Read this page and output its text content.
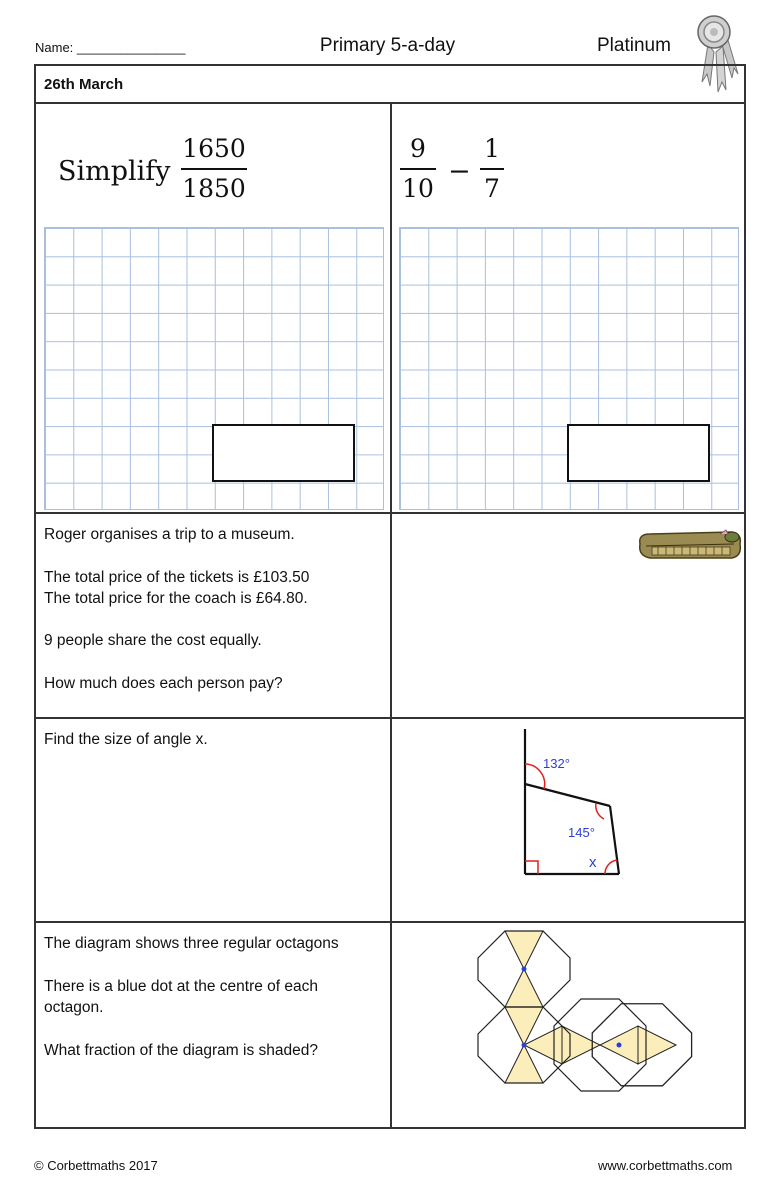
Name: _______________	Primary 5-a-day	Platinum
26th March
Simplify
1650
1850
9
10
−
1
7
Roger organises a trip to a museum.
The total price of the tickets is £103.50
The total price for the coach is £64.80.
9 people share the cost equally.
How much does each person pay?
Find the size of angle x.
132°
145°
x
The diagram shows three regular octagons
There is a blue dot at the centre of each
octagon.
What fraction of the diagram is shaded?
© Corbettmaths 2017	www.corbettmaths.com
